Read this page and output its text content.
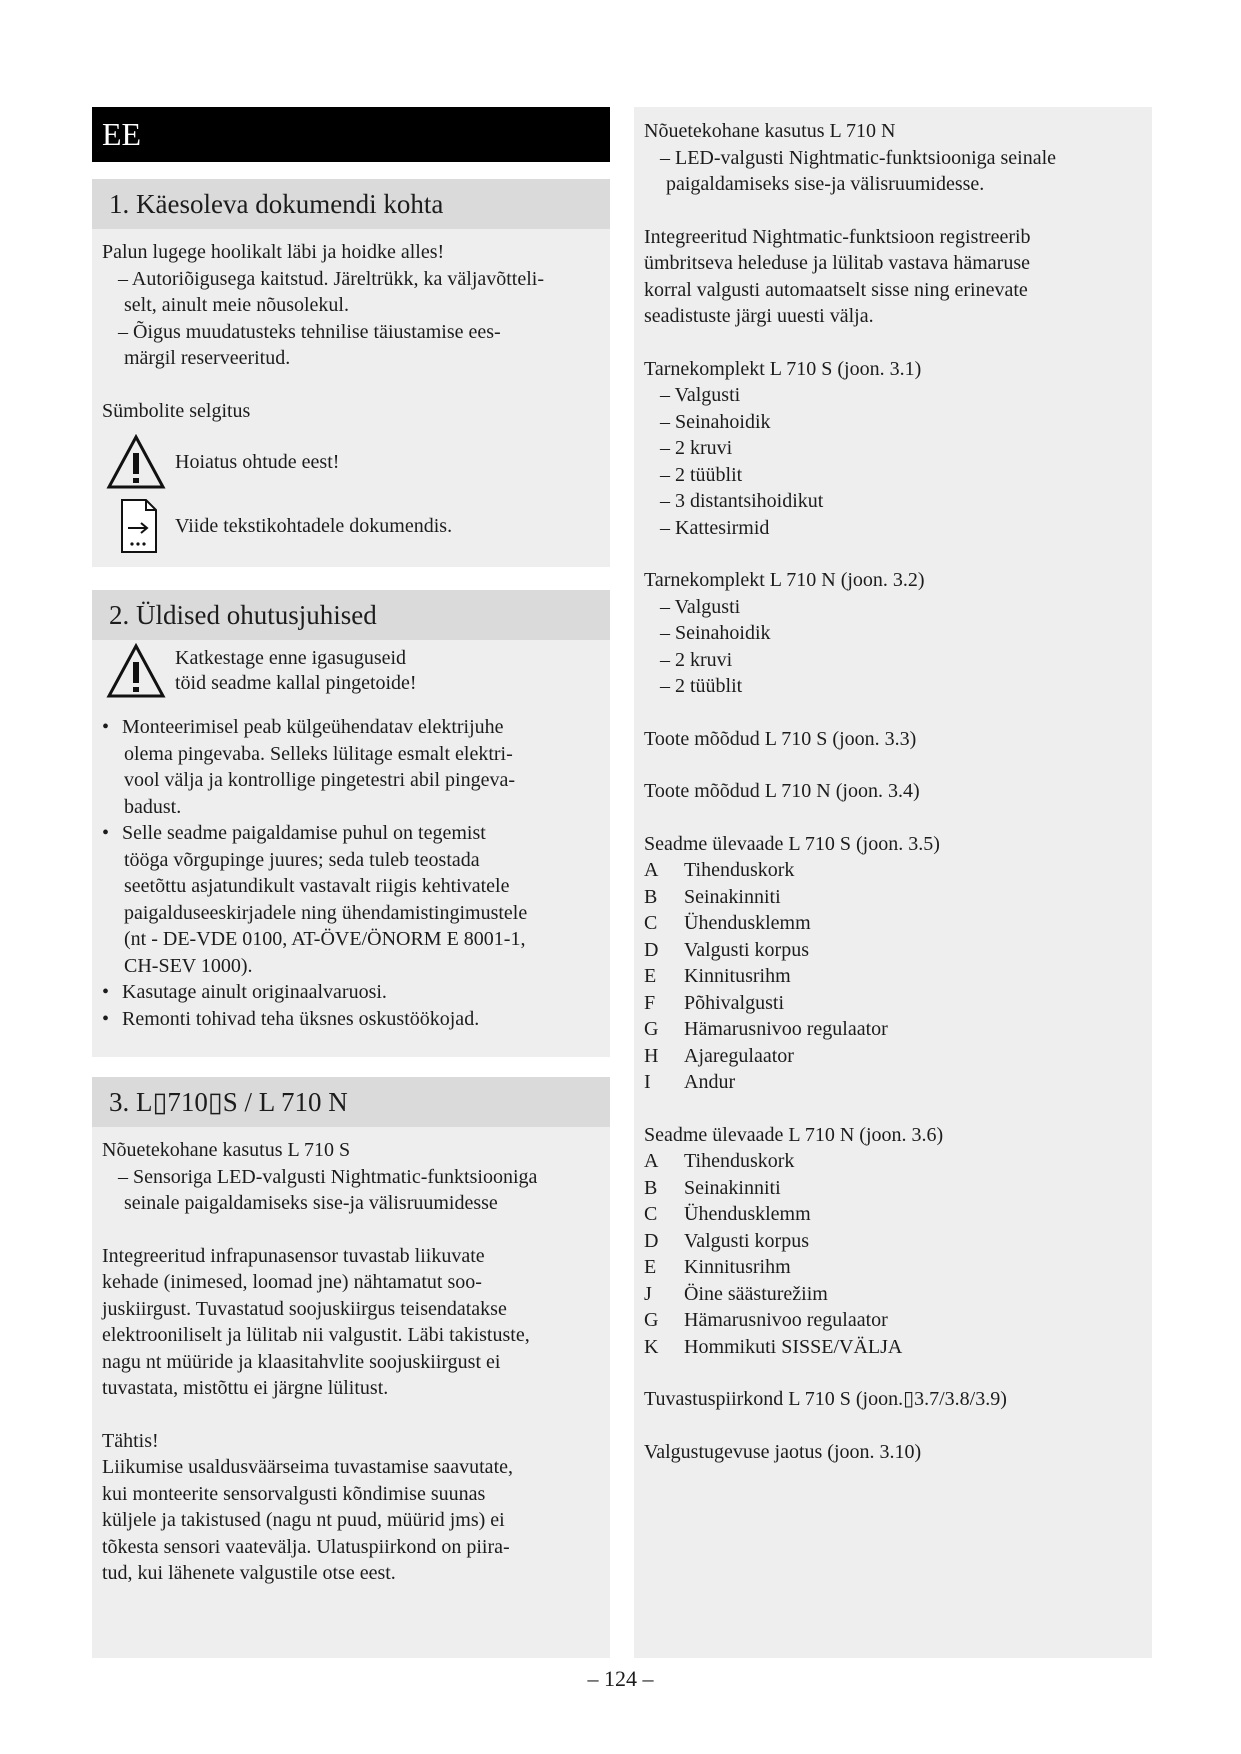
EE
1. Käesoleva dokumendi kohta

Palun lugege hoolikalt läbi ja hoidke alles!

– Autoriõigusega kaitstud. Järeltrükk, ka väljavõtteli-

selt, ainult meie nõusolekul.

– Õigus muudatusteks tehnilise täiustamise ees-

märgil reserveeritud.

Sümbolite selgitus

Hoiatus ohtude eest!
Viide tekstikohtadele dokumendis.
2. Üldised ohutusjuhised
Katkestage enne igasuguseid
töid seadme kallal pingetoide!
• Monteerimisel peab külgeühendatav elektrijuhe
olema pingevaba. Selleks lülitage esmalt elektri-
vool välja ja kontrollige pingetestri abil pingeva-
badust.
• Selle seadme paigaldamise puhul on tegemist
tööga võrgupinge juures; seda tuleb teostada
seetõttu asjatundikult vastavalt riigis kehtivatele
paigalduseeskirjadele ning ühendamistingimustele
(nt - DE-VDE 0100, AT-ÖVE/ÖNORM E 8001-1,
CH-SEV 1000).
• Kasutage ainult originaalvaruosi.
• Remonti tohivad teha üksnes oskustöökojad.
3. L▯710▯S / L 710 N

Nõuetekohane kasutus L 710 S

– Sensoriga LED-valgusti Nightmatic-funktsiooniga

seinale paigaldamiseks sise-ja välisruumidesse

Integreeritud infrapunasensor tuvastab liikuvate

kehade (inimesed, loomad jne) nähtamatut soo-

juskiirgust. Tuvastatud soojuskiirgus teisendatakse

elektrooniliselt ja lülitab nii valgustit. Läbi takistuste,

nagu nt müüride ja klaasitahvlite soojuskiirgust ei

tuvastata, mistõttu ei järgne lülitust.

Tähtis!

Liikumise usaldusväärseima tuvastamise saavutate,

kui monteerite sensorvalgusti kõndimise suunas

küljele ja takistused (nagu nt puud, müürid jms) ei

tõkesta sensori vaatevälja. Ulatuspiirkond on piira-

tud, kui lähenete valgustile otse eest.

Nõuetekohane kasutus L 710 N

– LED-valgusti Nightmatic-funktsiooniga seinale

paigaldamiseks sise-ja välisruumidesse.

Integreeritud Nightmatic-funktsioon registreerib

ümbritseva heleduse ja lülitab vastava hämaruse

korral valgusti automaatselt sisse ning erinevate

seadistuste järgi uuesti välja.

Tarnekomplekt L 710 S (joon. 3.1)

– Valgusti

– Seinahoidik

– 2 kruvi

– 2 tüüblit

– 3 distantsihoidikut

– Kattesirmid

Tarnekomplekt L 710 N (joon. 3.2)

– Valgusti

– Seinahoidik

– 2 kruvi

– 2 tüüblit

Toote mõõdud L 710 S (joon. 3.3)

Toote mõõdud L 710 N (joon. 3.4)

Seadme ülevaade L 710 S (joon. 3.5)

A	Tihenduskork
B	Seinakinniti
C	Ühendusklemm
D	Valgusti korpus
E	Kinnitusrihm
F	Põhivalgusti
G	Hämarusnivoo regulaator
H	Ajaregulaator
I	Andur

Seadme ülevaade L 710 N (joon. 3.6)

A	Tihenduskork
B	Seinakinniti
C	Ühendusklemm
D	Valgusti korpus
E	Kinnitusrihm
J	Öine säästurežiim
G	Hämarusnivoo regulaator
K	Hommikuti SISSE/VÄLJA

Tuvastuspiirkond L 710 S (joon.▯3.7/3.8/3.9)

Valgustugevuse jaotus (joon. 3.10)

– 124 –
